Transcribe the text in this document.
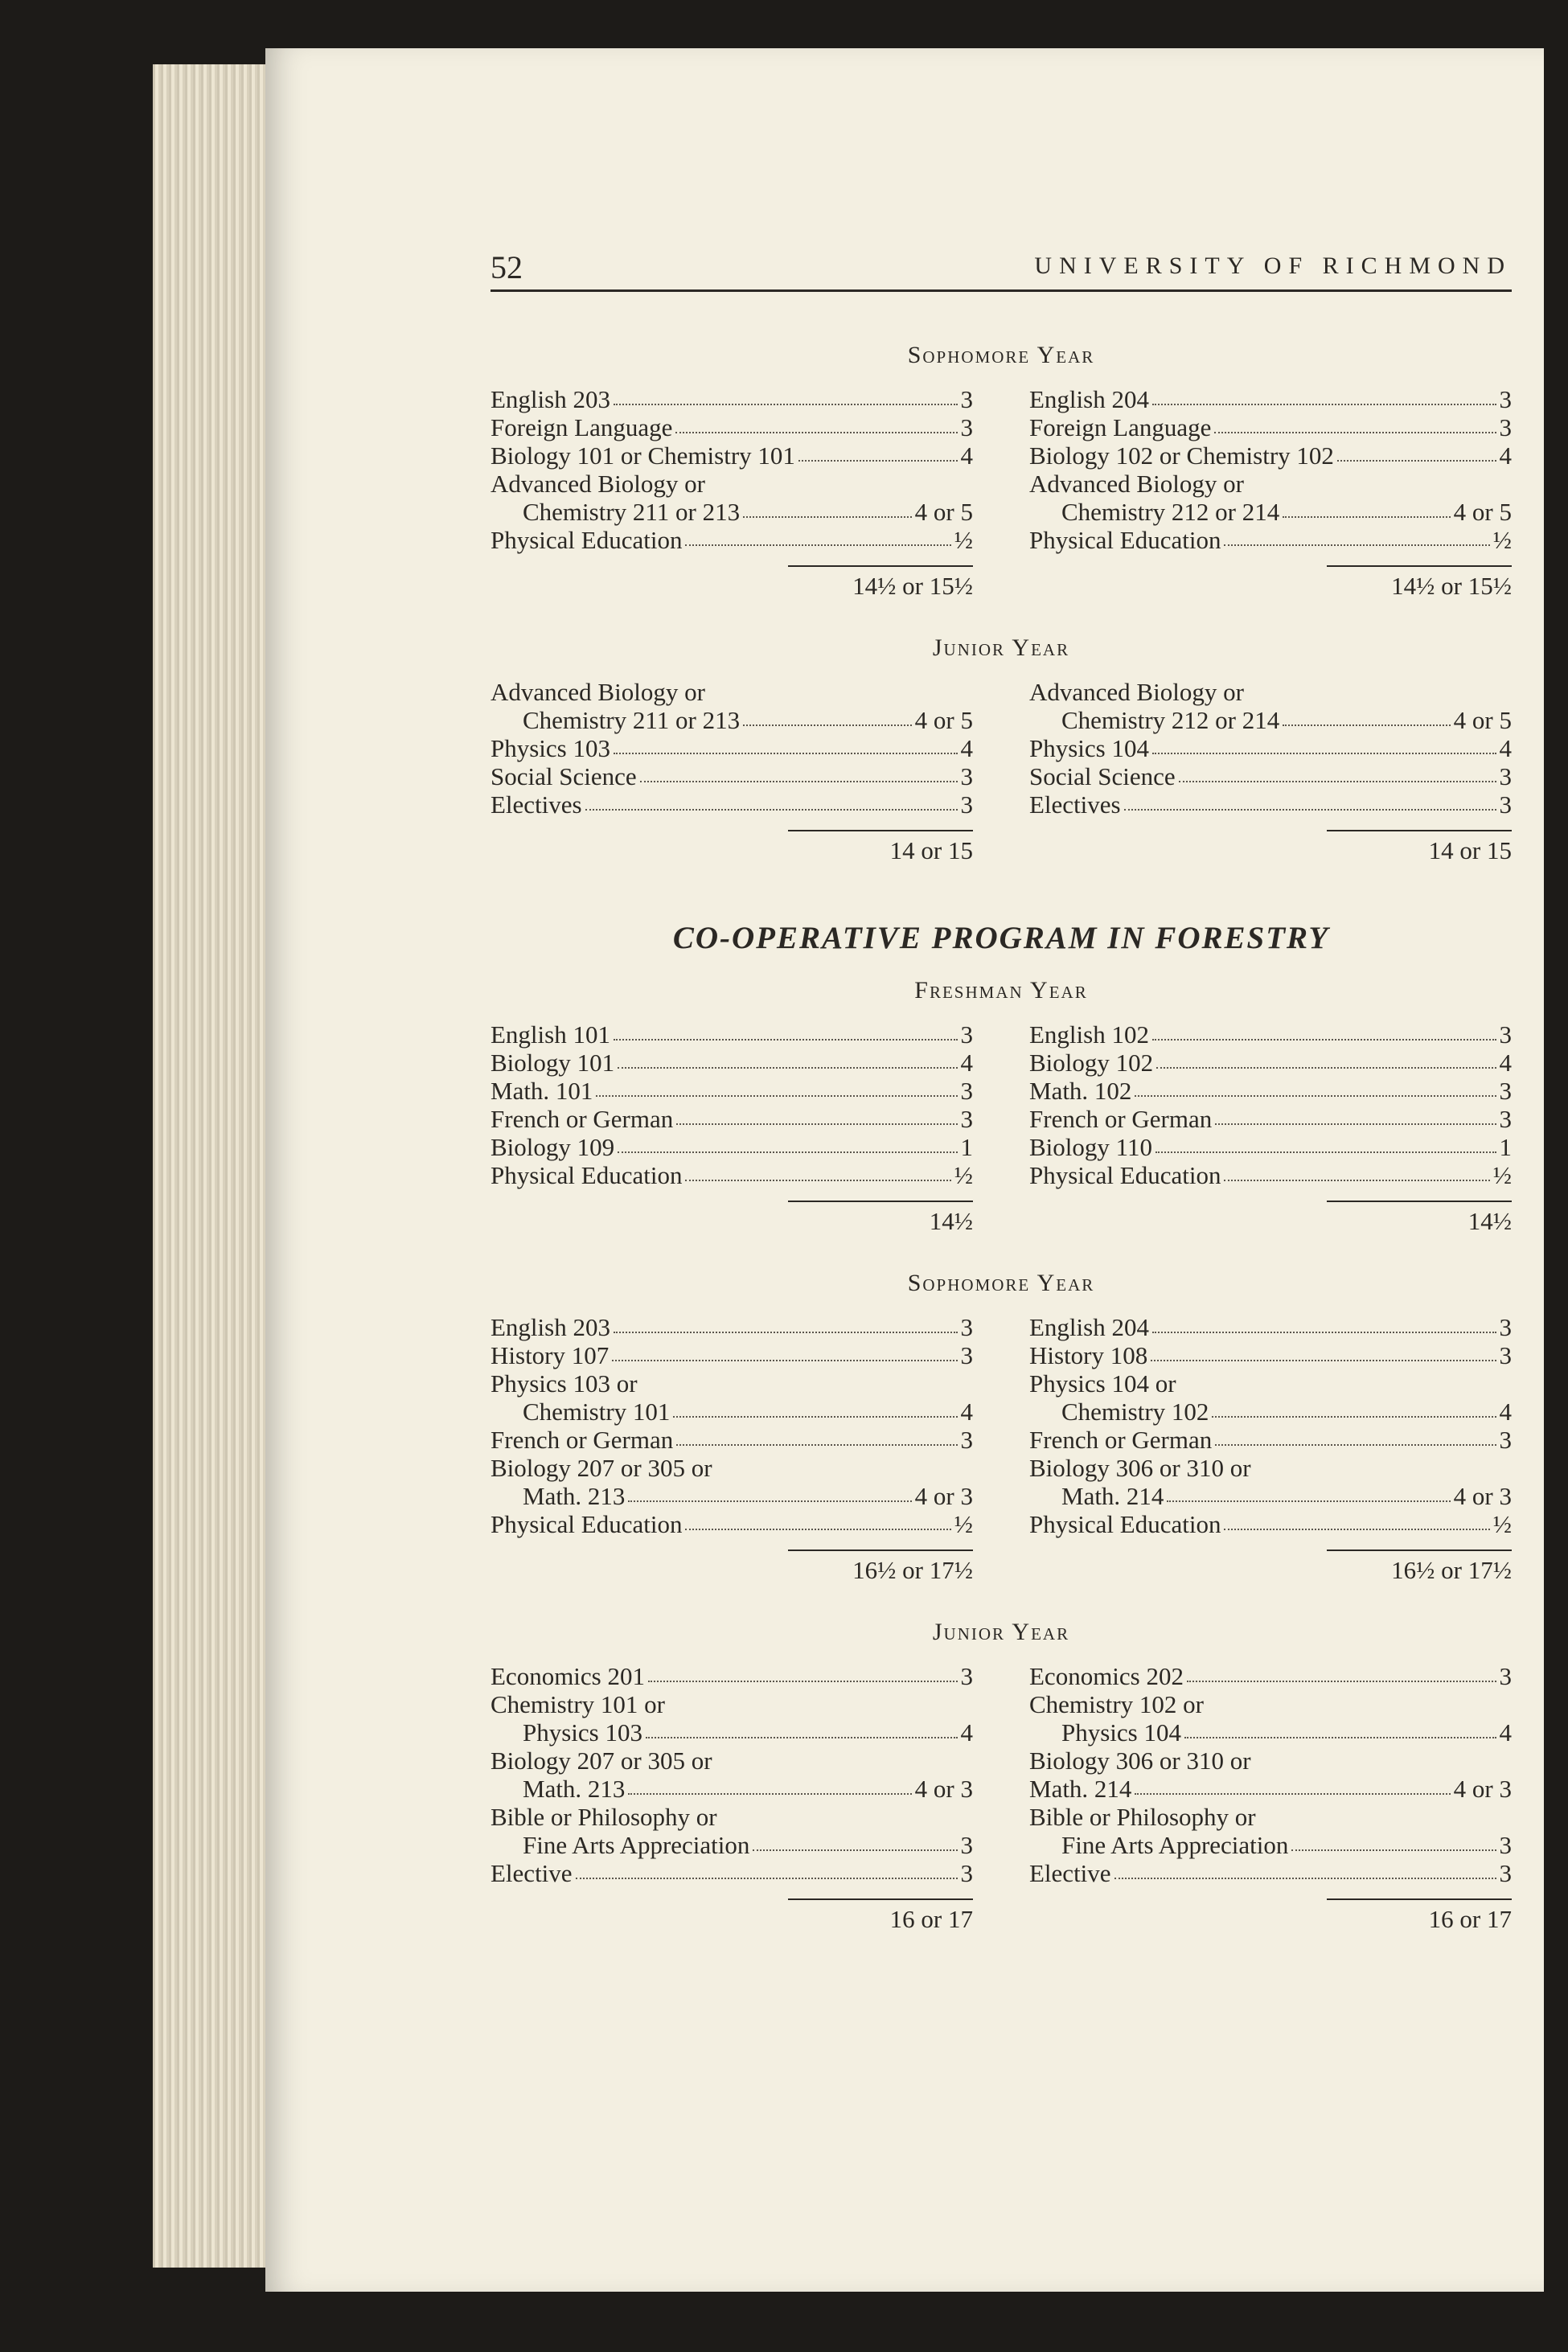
52	UNIVERSITY OF RICHMOND
Sophomore Year
English 203	3
Foreign Language	3
Biology 101 or Chemistry 101	4
Advanced Biology or
Chemistry 211 or 213	4 or 5
Physical Education	½
14½ or 15½
English 204	3
Foreign Language	3
Biology 102 or Chemistry 102	4
Advanced Biology or
Chemistry 212 or 214	4 or 5
Physical Education	½
14½ or 15½
Junior Year
Advanced Biology or
Chemistry 211 or 213	4 or 5
Physics 103	4
Social Science	3
Electives	3
14 or 15
Advanced Biology or
Chemistry 212 or 214	4 or 5
Physics 104	4
Social Science	3
Electives	3
14 or 15
CO-OPERATIVE PROGRAM IN FORESTRY
Freshman Year
English 101	3
Biology 101	4
Math. 101	3
French or German	3
Biology 109	1
Physical Education	½
14½
English 102	3
Biology 102	4
Math. 102	3
French or German	3
Biology 110	1
Physical Education	½
14½
Sophomore Year
English 203	3
History 107	3
Physics 103 or
Chemistry 101	4
French or German	3
Biology 207 or 305 or
Math. 213	4 or 3
Physical Education	½
16½ or 17½
English 204	3
History 108	3
Physics 104 or
Chemistry 102	4
French or German	3
Biology 306 or 310 or
Math. 214	4 or 3
Physical Education	½
16½ or 17½
Junior Year
Economics 201	3
Chemistry 101 or
Physics 103	4
Biology 207 or 305 or
Math. 213	4 or 3
Bible or Philosophy or
Fine Arts Appreciation	3
Elective	3
16 or 17
Economics 202	3
Chemistry 102 or
Physics 104	4
Biology 306 or 310 or
Math. 214	4 or 3
Bible or Philosophy or
Fine Arts Appreciation	3
Elective	3
16 or 17
